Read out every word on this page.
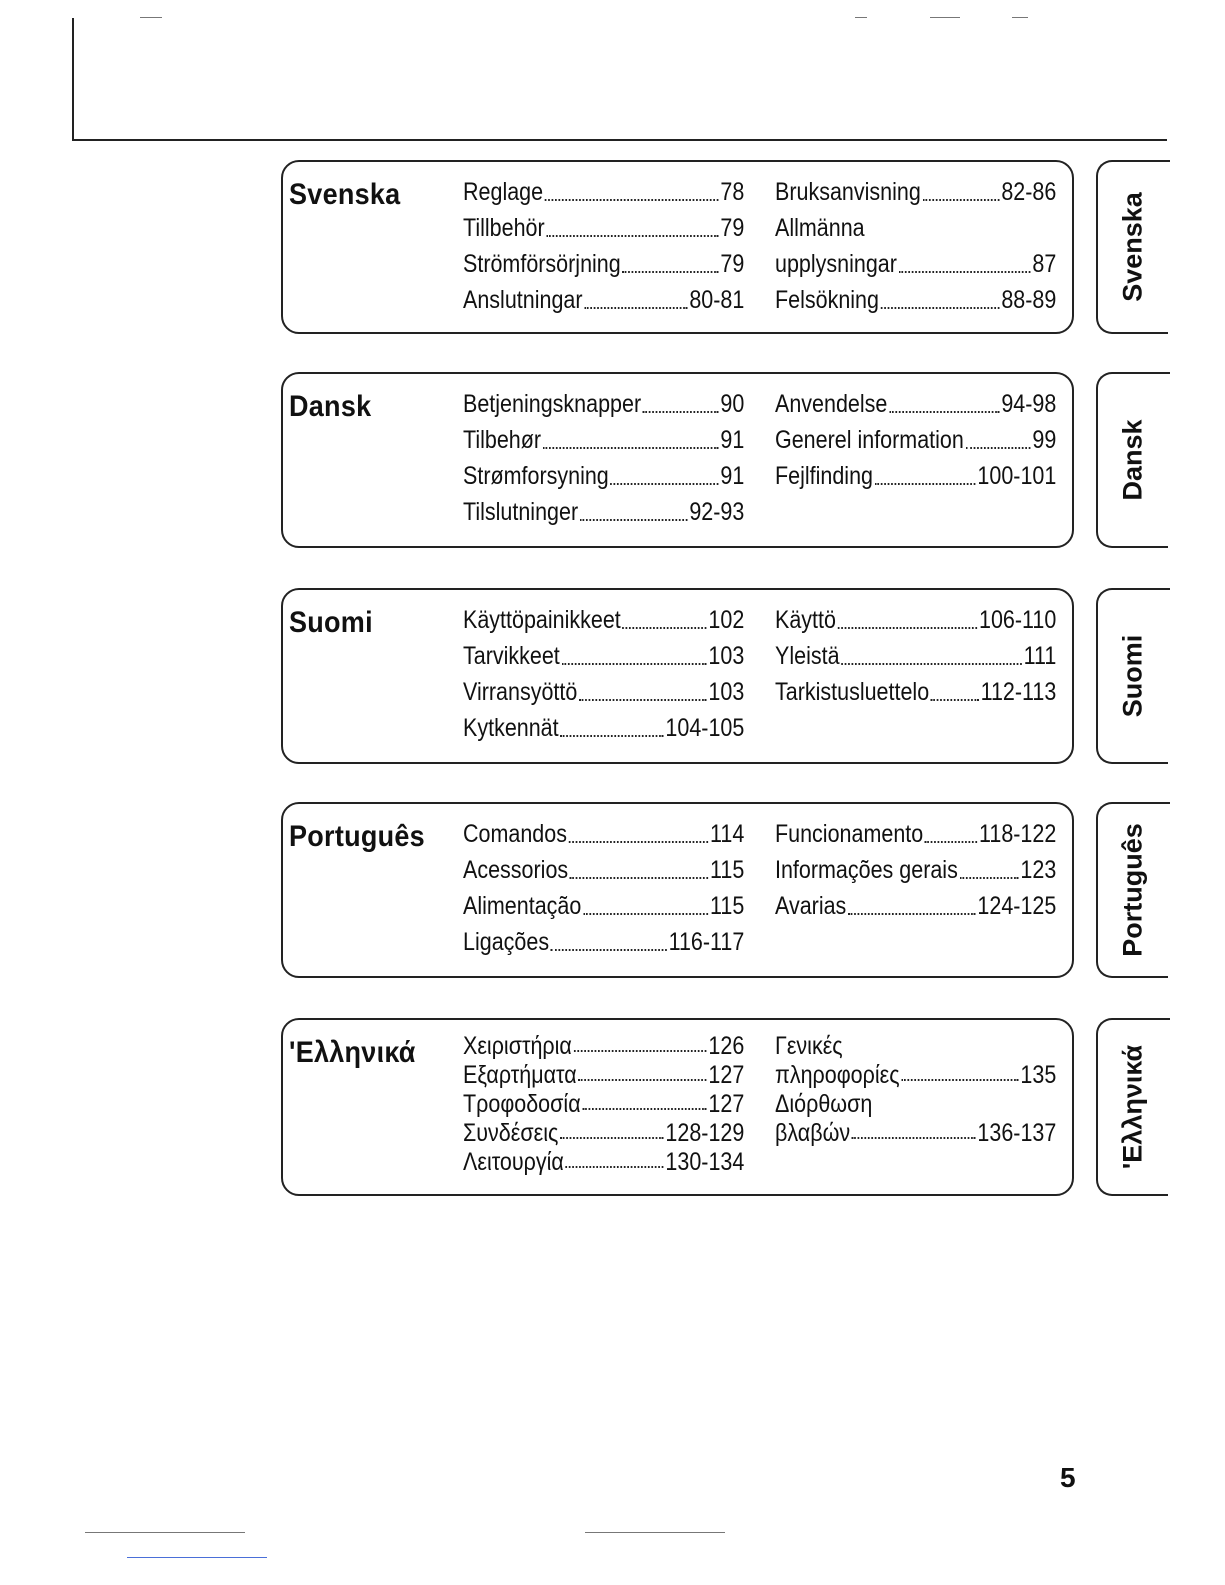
Svenska	Reglage	78
Tillbehör	79
Strömförsörjning	79
Anslutningar	80-81
Bruksanvisning	82-86
Allmänna
upplysningar	87
Felsökning	88-89 Svenska
Dansk	Betjeningsknapper	90
Tilbehør	91
Strømforsyning	91
Tilslutninger	92-93
Anvendelse	94-98
Generel information	99
Fejlfinding	100-101 Dansk
Suomi	Käyttöpainikkeet	102
Tarvikkeet	103
Virransyöttö	103
Kytkennät	104-105
Käyttö	106-110
Yleistä	111
Tarkistusluettelo 112-113 Suomi
Português Comandos	114
Acessorios	115
Alimentação	115
Ligações	116-117
Funcionamento 118-122
Informações gerais	123
Avarias	124-125 Português
'Ελληνικά Χειριστήρια	126
Εξαρτήματα	127
Τροφοδοσία	127
Συνδέσεις	128-129
Λειτουργία	130-134
Γενικές
πληροφορίες	135
Διόρθωση
βλαβών	136-137 'Ελληνικά
5
